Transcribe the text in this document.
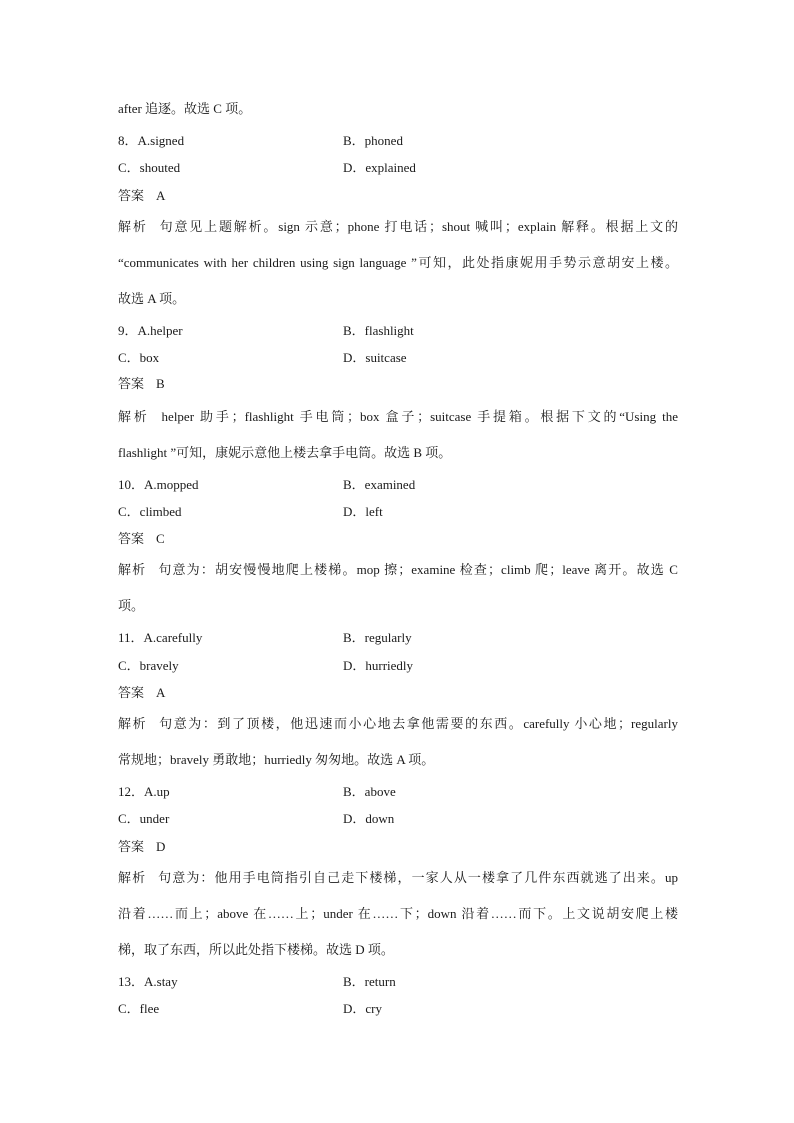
after 追逐。故选 C 项。
8．A.signed	B．phoned
C．shouted	D．explained
答案 A
解析 句意见上题解析。sign 示意；phone 打电话；shout 喊叫；explain 解释。根据上文的
“communicates with her children using sign language ”可知，此处指康妮用手势示意胡安上楼。
故选 A 项。
9．A.helper	B．flashlight
C．box	D．suitcase
答案 B
解析 helper 助手；flashlight 手电筒；box 盒子；suitcase 手提箱。根据下文的“Using the
flashlight ”可知，康妮示意他上楼去拿手电筒。故选 B 项。
10．A.mopped	B．examined
C．climbed	D．left
答案 C
解析 句意为：胡安慢慢地爬上楼梯。mop 擦；examine 检查；climb 爬；leave 离开。故选 C
项。
11．A.carefully	B．regularly
C．bravely	D．hurriedly
答案 A
解析 句意为：到了顶楼，他迅速而小心地去拿他需要的东西。carefully 小心地；regularly
常规地；bravely 勇敢地；hurriedly 匆匆地。故选 A 项。
12．A.up	B．above
C．under	D．down
答案 D
解析 句意为：他用手电筒指引自己走下楼梯，一家人从一楼拿了几件东西就逃了出来。up
沿着……而上；above 在……上；under 在……下；down 沿着……而下。上文说胡安爬上楼
梯，取了东西，所以此处指下楼梯。故选 D 项。
13．A.stay	B．return
C．flee	D．cry
